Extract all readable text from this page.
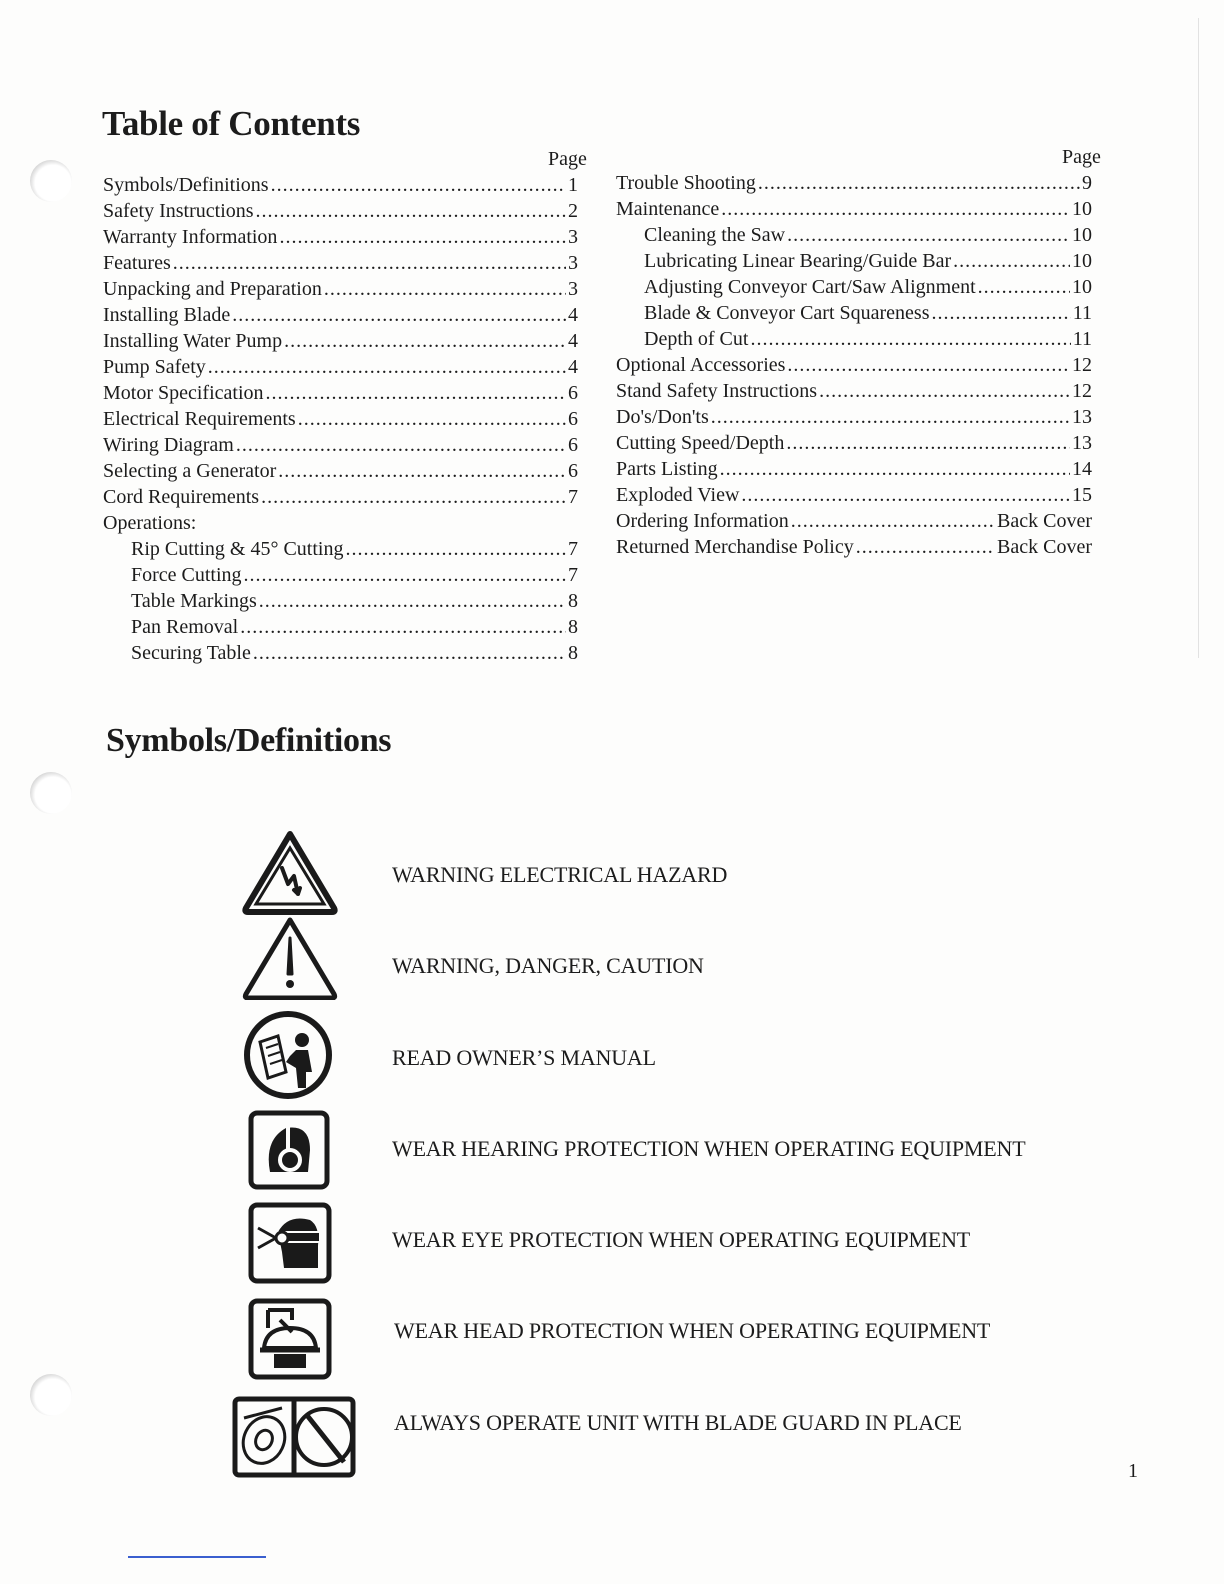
Table of Contents
Page	Page
Symbols/Definitions .....	1
Safety Instructions .....	2
Warranty Information .....	3
Features .....	3
Unpacking and Preparation .....	3
Installing Blade .....	4
Installing Water Pump .....	4
Pump Safety .....	4
Motor Specification .....	6
Electrical Requirements .....	6
Wiring Diagram .....	6
Selecting a Generator .....	6
Cord Requirements .....	7
Operations:
Rip Cutting & 45° Cutting .....	7
Force Cutting .....	7
Table Markings .....	8
Pan Removal .....	8
Securing Table .....	8
Trouble Shooting .....	9
Maintenance .....	10
Cleaning the Saw .....	10
Lubricating Linear Bearing/Guide Bar .....	10
Adjusting Conveyor Cart/Saw Alignment .....	10
Blade & Conveyor Cart Squareness .....	11
Depth of Cut .....	11
Optional Accessories .....	12
Stand Safety Instructions .....	12
Do's/Don'ts .....	13
Cutting Speed/Depth .....	13
Parts Listing .....	14
Exploded View .....	15
Ordering Information .....	Back Cover
Returned Merchandise Policy .....	Back Cover
Symbols/Definitions
WARNING ELECTRICAL HAZARD
WARNING, DANGER, CAUTION
READ OWNER’S MANUAL
WEAR HEARING PROTECTION WHEN OPERATING EQUIPMENT
WEAR EYE PROTECTION WHEN OPERATING EQUIPMENT
WEAR HEAD PROTECTION WHEN OPERATING EQUIPMENT
ALWAYS OPERATE UNIT WITH BLADE GUARD IN PLACE
1
